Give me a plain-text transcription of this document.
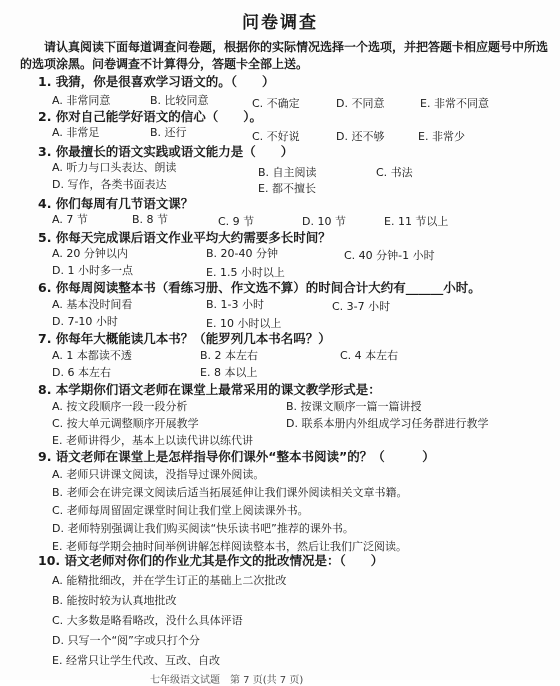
问卷调查
请认真阅读下面每道调查问卷题，根据你的实际情况选择一个选项，并把答题卡相应题号中所选的选项涂黑。问卷调查不计算得分，答题卡全部上送。
1. 我猜，你是很喜欢学习语文的。（　　）
A. 非常同意	B. 比较同意	C. 不确定	D. 不同意	E. 非常不同意
2. 你对自己能学好语文的信心（　　）。
A. 非常足	B. 还行	C. 不好说	D. 还不够	E. 非常少
3. 你最擅长的语文实践或语文能力是（　　）
A. 听力与口头表达、朗读	B. 自主阅读	C. 书法
D. 写作，各类书面表达	E. 都不擅长
4. 你们每周有几节语文课？
A. 7 节	B. 8 节	C. 9 节	D. 10 节	E. 11 节以上
5. 你每天完成课后语文作业平均大约需要多长时间？
A. 20 分钟以内	B. 20-40 分钟	C. 40 分钟-1 小时
D. 1 小时多一点	E. 1.5 小时以上
6. 你每周阅读整本书（看练习册、作文选不算）的时间合计大约有______小时。
A. 基本没时间看	B. 1-3 小时	C. 3-7 小时
D. 7-10 小时	E. 10 小时以上
7. 你每年大概能读几本书？（能罗列几本书名吗？）
A. 1 本都读不透	B. 2 本左右	C. 4 本左右
D. 6 本左右	E. 8 本以上
8. 本学期你们语文老师在课堂上最常采用的课文教学形式是：
A. 按文段顺序一段一段分析	B. 按课文顺序一篇一篇讲授
C. 按大单元调整顺序开展教学	D. 联系本册内外组成学习任务群进行教学
E. 老师讲得少，基本上以读代讲以练代讲
9. 语文老师在课堂上是怎样指导你们课外“整本书阅读”的？（　　　）
A. 老师只讲课文阅读，没指导过课外阅读。
B. 老师会在讲完课文阅读后适当拓展延伸让我们课外阅读相关文章书籍。
C. 老师每周留固定课堂时间让我们堂上阅读课外书。
D. 老师特别强调让我们购买阅读“快乐读书吧”推荐的课外书。
E. 老师每学期会抽时间举例讲解怎样阅读整本书，然后让我们广泛阅读。
10. 语文老师对你们的作业尤其是作文的批改情况是：（　　）
A. 能精批细改，并在学生订正的基础上二次批改
B. 能按时较为认真地批改
C. 大多数是略看略改，没什么具体评语
D. 只写一个“阅”字或只打个分
E. 经常只让学生代改、互改、自改
七年级语文试题　第 7 页(共 7 页)
